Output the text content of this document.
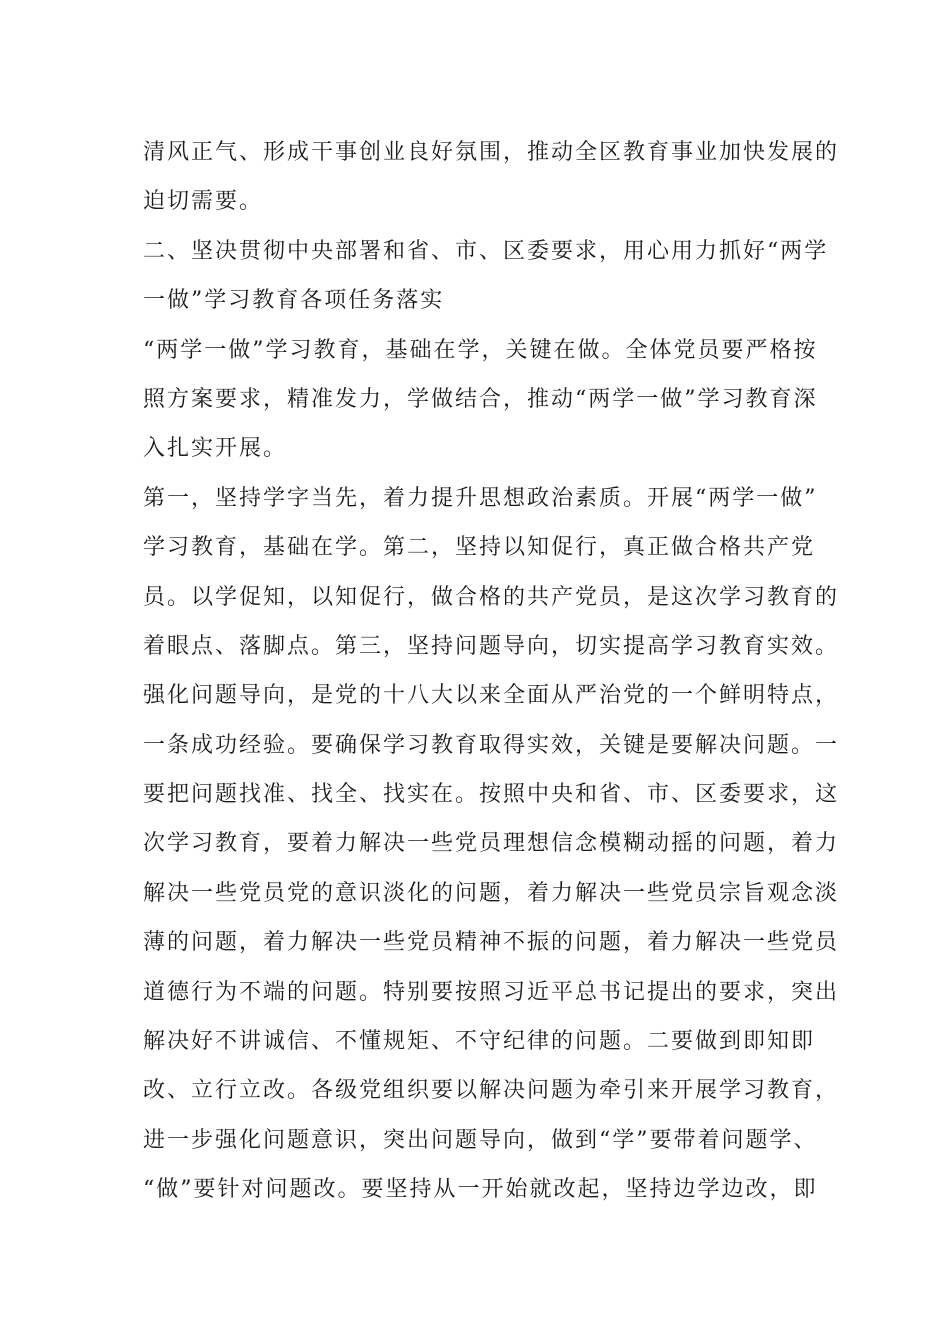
清风正气、形成干事创业良好氛围，推动全区教育事业加快发展的
迫切需要。
二、坚决贯彻中央部署和省、市、区委要求，用心用力抓好“两学
一做”学习教育各项任务落实
“两学一做”学习教育，基础在学，关键在做。全体党员要严格按
照方案要求，精准发力，学做结合，推动“两学一做”学习教育深
入扎实开展。
第一，坚持学字当先，着力提升思想政治素质。开展“两学一做”
学习教育，基础在学。第二，坚持以知促行，真正做合格共产党
员。以学促知，以知促行，做合格的共产党员，是这次学习教育的
着眼点、落脚点。第三，坚持问题导向，切实提高学习教育实效。
强化问题导向，是党的十八大以来全面从严治党的一个鲜明特点，
一条成功经验。要确保学习教育取得实效，关键是要解决问题。一
要把问题找准、找全、找实在。按照中央和省、市、区委要求，这
次学习教育，要着力解决一些党员理想信念模糊动摇的问题，着力
解决一些党员党的意识淡化的问题，着力解决一些党员宗旨观念淡
薄的问题，着力解决一些党员精神不振的问题，着力解决一些党员
道德行为不端的问题。特别要按照习近平总书记提出的要求，突出
解决好不讲诚信、不懂规矩、不守纪律的问题。二要做到即知即
改、立行立改。各级党组织要以解决问题为牵引来开展学习教育，
进一步强化问题意识，突出问题导向，做到“学”要带着问题学、
“做”要针对问题改。要坚持从一开始就改起，坚持边学边改，即
